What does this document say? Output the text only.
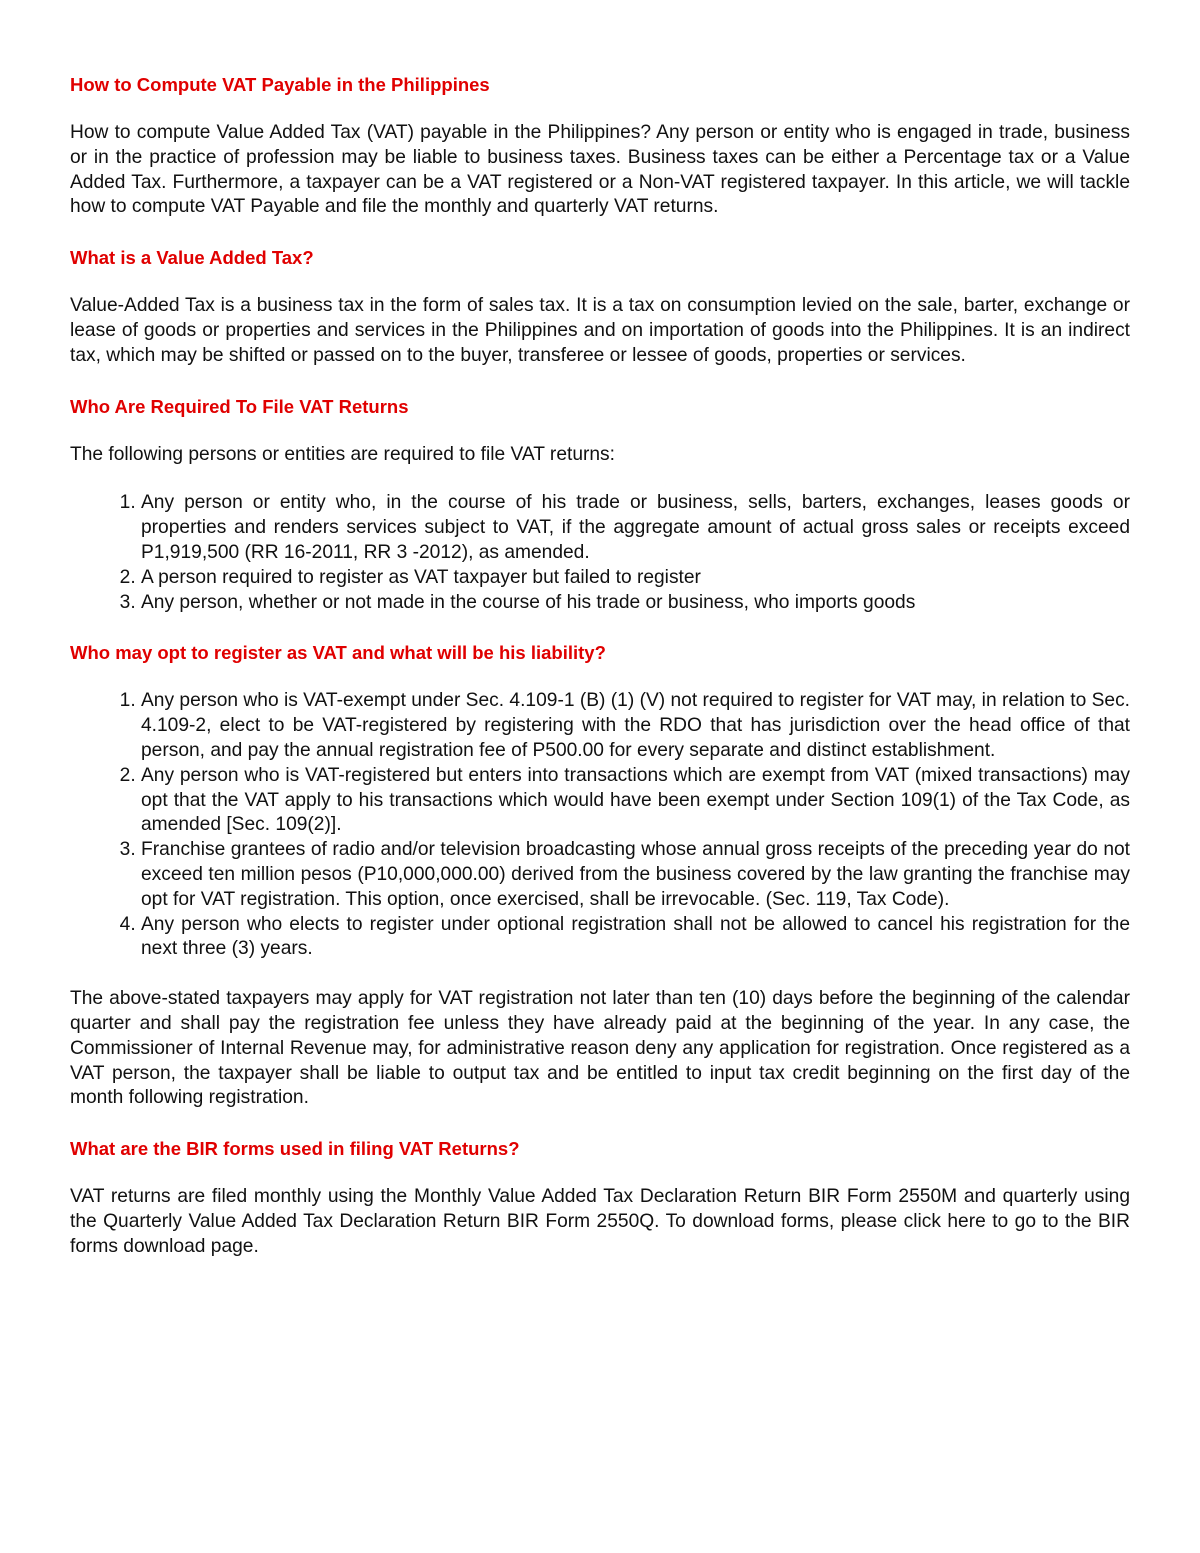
How to Compute VAT Payable in the Philippines

How to compute Value Added Tax (VAT) payable in the Philippines? Any person or entity who is engaged in trade, business or in the practice of profession may be liable to business taxes. Business taxes can be either a Percentage tax or a Value Added Tax. Furthermore, a taxpayer can be a VAT registered or a Non-VAT registered taxpayer. In this article, we will tackle how to compute VAT Payable and file the monthly and quarterly VAT returns.

What is a Value Added Tax?

Value-Added Tax is a business tax in the form of sales tax. It is a tax on consumption levied on the sale, barter, exchange or lease of goods or properties and services in the Philippines and on importation of goods into the Philippines. It is an indirect tax, which may be shifted or passed on to the buyer, transferee or lessee of goods, properties or services.

Who Are Required To File VAT Returns

The following persons or entities are required to file VAT returns:

1. Any person or entity who, in the course of his trade or business, sells, barters, exchanges, leases goods or properties and renders services subject to VAT, if the aggregate amount of actual gross sales or receipts exceed P1,919,500 (RR 16-2011, RR 3 -2012), as amended.
2. A person required to register as VAT taxpayer but failed to register
3. Any person, whether or not made in the course of his trade or business, who imports goods
Who may opt to register as VAT and what will be his liability?
1. Any person who is VAT-exempt under Sec. 4.109-1 (B) (1) (V) not required to register for VAT may, in relation to Sec. 4.109-2, elect to be VAT-registered by registering with the RDO that has jurisdiction over the head office of that person, and pay the annual registration fee of P500.00 for every separate and distinct establishment.
2. Any person who is VAT-registered but enters into transactions which are exempt from VAT (mixed transactions) may opt that the VAT apply to his transactions which would have been exempt under Section 109(1) of the Tax Code, as amended [Sec. 109(2)].
3. Franchise grantees of radio and/or television broadcasting whose annual gross receipts of the preceding year do not exceed ten million pesos (P10,000,000.00) derived from the business covered by the law granting the franchise may opt for VAT registration. This option, once exercised, shall be irrevocable. (Sec. 119, Tax Code).
4. Any person who elects to register under optional registration shall not be allowed to cancel his registration for the next three (3) years.

The above-stated taxpayers may apply for VAT registration not later than ten (10) days before the beginning of the calendar quarter and shall pay the registration fee unless they have already paid at the beginning of the year. In any case, the Commissioner of Internal Revenue may, for administrative reason deny any application for registration. Once registered as a VAT person, the taxpayer shall be liable to output tax and be entitled to input tax credit beginning on the first day of the month following registration.

What are the BIR forms used in filing VAT Returns?

VAT returns are filed monthly using the Monthly Value Added Tax Declaration Return BIR Form 2550M and quarterly using the Quarterly Value Added Tax Declaration Return BIR Form 2550Q. To download forms, please click here to go to the BIR forms download page.
